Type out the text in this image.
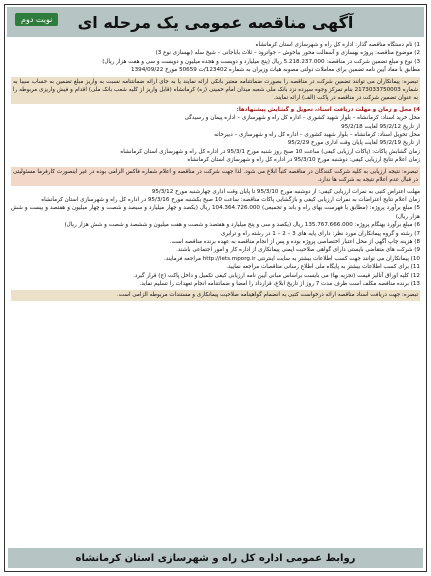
آگهی مناقصه عمومی یک مرحله ای
نوبت دوم
1) نام دستگاه مناقصه گذار: اداره کل راه و شهرسازی استان کرمانشاه
2) موضوع مناقصه: پروژه بهسازی و آسفالت محور بیاخوش – جوانرود – ثلاث باباجانی – شیخ سله (بهسازی نوع 3)
3) نوع و مبلغ تضمین شرکت در مناقصه: 5.218.237.000 ریال (پنج میلیارد و دویست و هجده میلیون و دویست و سی و هفت هزار ریال)
مطابق با مفاد آیین نامه تضمین برای معاملات دولتی مصوبه هیات وزیران به شماره 123402/ت 50659 مورخ 1394/09/22
تبصره: پیمانکاران می توانند تضمین شرکت در مناقصه را بصورت ضمانتنامه معتبر بانکی ارائه نمایند یا به جای ارائه ضمانتنامه نسبت به واریز مبلغ تضمین به حساب سیبا به شماره 2173033750003 بنام تمرکز وجوه سپرده نزد بانک ملی شعبه میدان امام خمینی (ره) کرمانشاه (قابل واریز از کلیه شعب بانک ملی) اقدام و فیش واریزی مربوطه را به عنوان تضمین شرکت در مناقصه در پاکت (الف) ارائه نمایند.
4) محل و زمان و مهلت دریافت اسناد، تحویل و گشایش پیشنهادها:
محل خرید اسناد: کرمانشاه – بلوار شهید کشوری – اداره کل راه و شهرسازی – اداره پیمان و رسیدگی
از تاریخ 95/2/12 لغایت 95/2/18
محل تحویل اسناد: کرمانشاه – بلوار شهید کشوری – اداره کل راه و شهرسازی – دبیرخانه
از تاریخ 95/2/19 لغایت پایان وقت اداری مورخ 95/2/29
زمان گشایش پاکات: (پاکات ارزیابی کیفی) ساعت 10 صبح روز شنبه مورخ 95/3/1 در اداره کل راه و شهرسازی استان کرمانشاه
زمان اعلام نتایج ارزیابی کیفی: دوشنبه مورخ 95/3/10 در اداره کل راه و شهرسازی استان کرمانشاه
تبصره: نتیجه ارزیابی به کلیه شرکت کنندگان در مناقصه کتباً ابلاغ می شود. لذا جهت شرکت در مناقصه و اعلام شماره فاکس الزامی بوده در غیر اینصورت کارفرما مسئولیتی در قبال عدم اعلام نتیجه به شرکت ها ندارد.
مهلت اعتراض کتبی به نمرات ارزیابی کیفی: از دوشنبه مورخ 95/3/10 تا پایان وقت اداری چهارشنبه مورخ 95/3/12
زمان اعلام نتایج اعتراضات به نمرات ارزیابی کیفی و بازگشایی پاکات مناقصه: ساعت 10 صبح یکشنبه مورخ 95/3/16 در اداره کل راه و شهرسازی استان کرمانشاه
5) مبلغ برآورد پروژه: (مطابق با فهرست بهای راه و باند و تجمیعی) 104.364.726.000 ریال (یکصد و چهار میلیارد و سیصد و شصت و چهار میلیون و هفتصد و بیست و شش هزار ریال)
6) مبلغ برآورد بهنگام پروژه: 135.767.666.000 ریال (یکصد و سی و پنج میلیارد و هفتصد و شصت و هفت میلیون و ششصد و شصت و شش هزار ریال)
7) رشته و گروه پیمانکاران مورد نظر: دارای پایه های 3 – 2 – 1 در رشته راه و ترابری
8) هزینه چاپ آگهی از محل اعتبار اختصاصی پروژه بوده و پس از انجام مناقصه به عهده برنده مناقصه است.
9) شرکت های متقاضی بایستی دارای گواهی صلاحیت ایمنی پیمانکاری از اداره کار و امور اجتماعی باشند.
10) پیمانکاران می توانند جهت کسب اطلاعات بیشتر به سایت اینترنتی http://iets.mporg.ir مراجعه فرمایند.
11) برای کسب اطلاعات بیشتر به پایگاه ملی اطلاع رسانی مناقصات مراجعه نمایید.
12) کلیه اوراق آنالیز قیمت (تجزیه بها) می بایست براساس مبانی آیین نامه ارزیابی کیفی تکمیل و داخل پاکت (ج) قرار گیرد.
13) برنده مناقصه مکلف است ظرف مدت 7 روز از تاریخ ابلاغ، قرارداد را امضا و ضمانتنامه انجام تعهدات را تسلیم نماید.
تبصره: جهت دریافت اسناد مناقصه ارائه درخواست کتبی به انضمام گواهینامه صلاحیت پیمانکاری و مستندات مربوطه الزامی است.
روابط عمومی اداره کل راه و شهرسازی استان کرمانشاه
